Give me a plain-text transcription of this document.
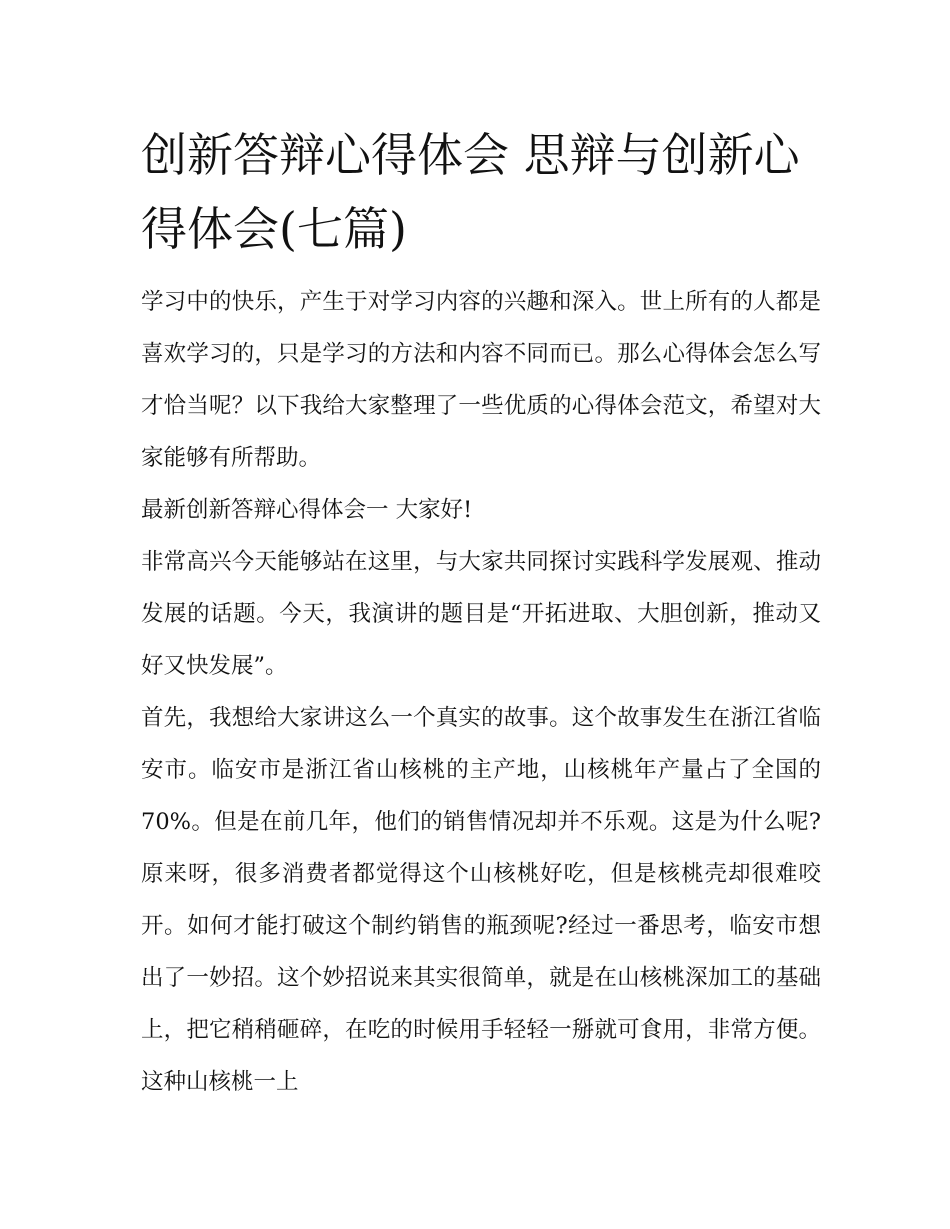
创新答辩心得体会 思辩与创新心得体会(七篇)

学习中的快乐，产生于对学习内容的兴趣和深入。世上所有的人都是喜欢学习的，只是学习的方法和内容不同而已。那么心得体会怎么写才恰当呢？以下我给大家整理了一些优质的心得体会范文，希望对大家能够有所帮助。

最新创新答辩心得体会一 大家好!

非常高兴今天能够站在这里，与大家共同探讨实践科学发展观、推动发展的话题。今天，我演讲的题目是“开拓进取、大胆创新，推动又好又快发展”。

首先，我想给大家讲这么一个真实的故事。这个故事发生在浙江省临安市。临安市是浙江省山核桃的主产地，山核桃年产量占了全国的70%。但是在前几年，他们的销售情况却并不乐观。这是为什么呢?原来呀，很多消费者都觉得这个山核桃好吃，但是核桃壳却很难咬开。如何才能打破这个制约销售的瓶颈呢?经过一番思考，临安市想出了一妙招。这个妙招说来其实很简单，就是在山核桃深加工的基础上，把它稍稍砸碎，在吃的时候用手轻轻一掰就可食用，非常方便。这种山核桃一上
